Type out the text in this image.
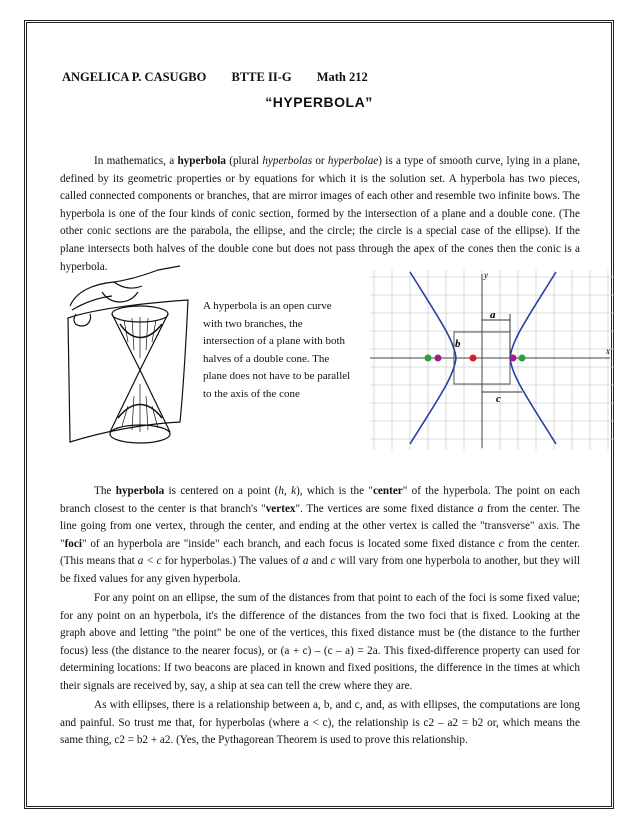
ANGELICA P. CASUGBO BTTE II-G Math 212
“HYPERBOLA”
In mathematics, a hyperbola (plural hyperbolas or hyperbolae) is a type of smooth curve, lying in a plane, defined by its geometric properties or by equations for which it is the solution set. A hyperbola has two pieces, called connected components or branches, that are mirror images of each other and resemble two infinite bows. The hyperbola is one of the four kinds of conic section, formed by the intersection of a plane and a double cone. (The other conic sections are the parabola, the ellipse, and the circle; the circle is a special case of the ellipse). If the plane intersects both halves of the double cone but does not pass through the apex of the cones then the conic is a hyperbola.
A hyperbola is an open curve with two branches, the intersection of a plane with both halves of a double cone. The plane does not have to be parallel to the axis of the cone
x
y
a
b
c
The hyperbola is centered on a point (h, k), which is the "center" of the hyperbola. The point on each branch closest to the center is that branch's "vertex". The vertices are some fixed distance a from the center. The line going from one vertex, through the center, and ending at the other vertex is called the "transverse" axis. The "foci" of an hyperbola are "inside" each branch, and each focus is located some fixed distance c from the center. (This means that a < c for hyperbolas.) The values of a and c will vary from one hyperbola to another, but they will be fixed values for any given hyperbola.
For any point on an ellipse, the sum of the distances from that point to each of the foci is some fixed value; for any point on an hyperbola, it's the difference of the distances from the two foci that is fixed. Looking at the graph above and letting "the point" be one of the vertices, this fixed distance must be (the distance to the further focus) less (the distance to the nearer focus), or (a + c) – (c – a) = 2a. This fixed-difference property can used for determining locations: If two beacons are placed in known and fixed positions, the difference in the times at which their signals are received by, say, a ship at sea can tell the crew where they are.
As with ellipses, there is a relationship between a, b, and c, and, as with ellipses, the computations are long and painful. So trust me that, for hyperbolas (where a < c), the relationship is c2 – a2 = b2 or, which means the same thing, c2 = b2 + a2. (Yes, the Pythagorean Theorem is used to prove this relationship.
